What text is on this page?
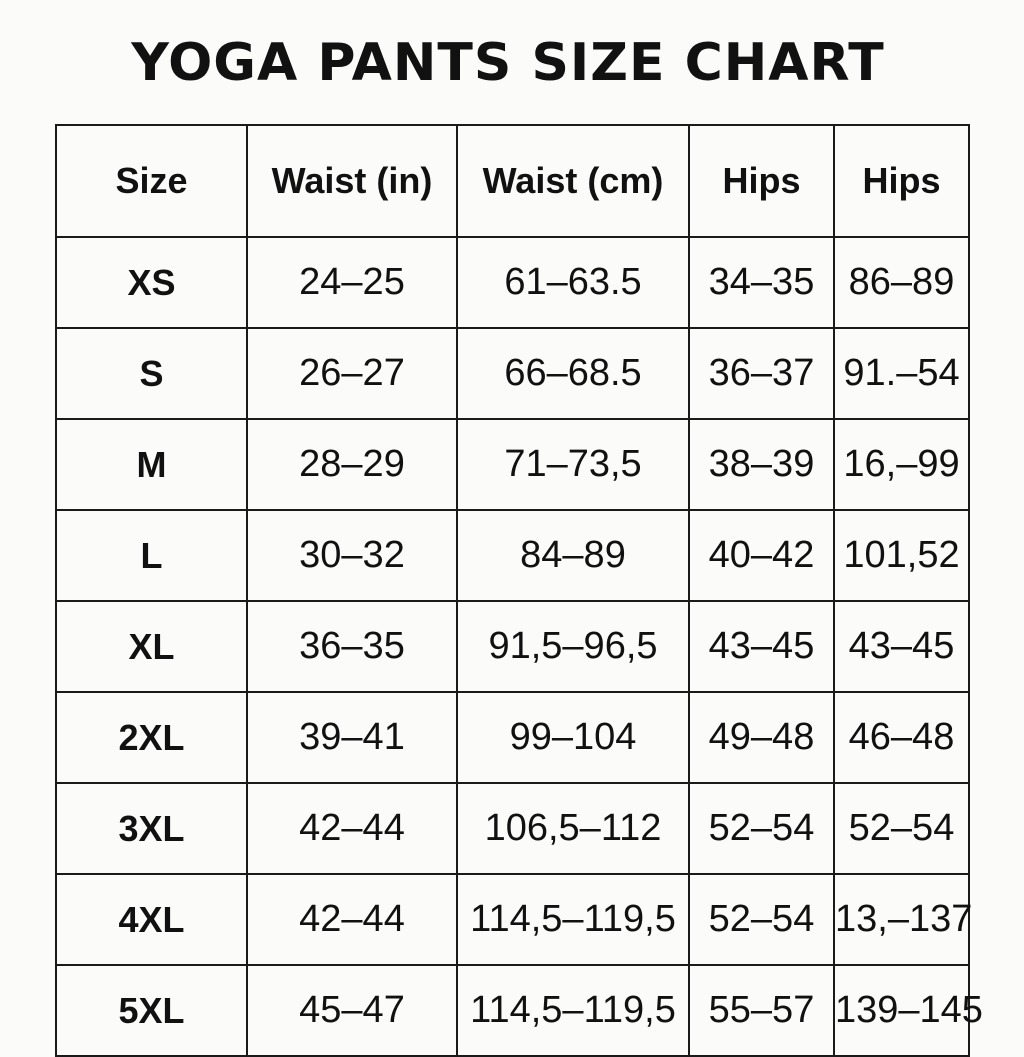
YOGA PANTS SIZE CHART
Size	Waist (in)	Waist (cm)	Hips	Hips
XS	24–25	61–63.5	34–35	86–89
S	26–27	66–68.5	36–37	91.–54
M	28–29	71–73,5	38–39	16,–99
L	30–32	84–89	40–42	101,52
XL	36–35	91,5–96,5	43–45	43–45
2XL	39–41	99–104	49–48	46–48
3XL	42–44	106,5–112	52–54	52–54
4XL	42–44	114,5–119,5	52–54	13,–137
5XL	45–47	114,5–119,5	55–57	139–145
